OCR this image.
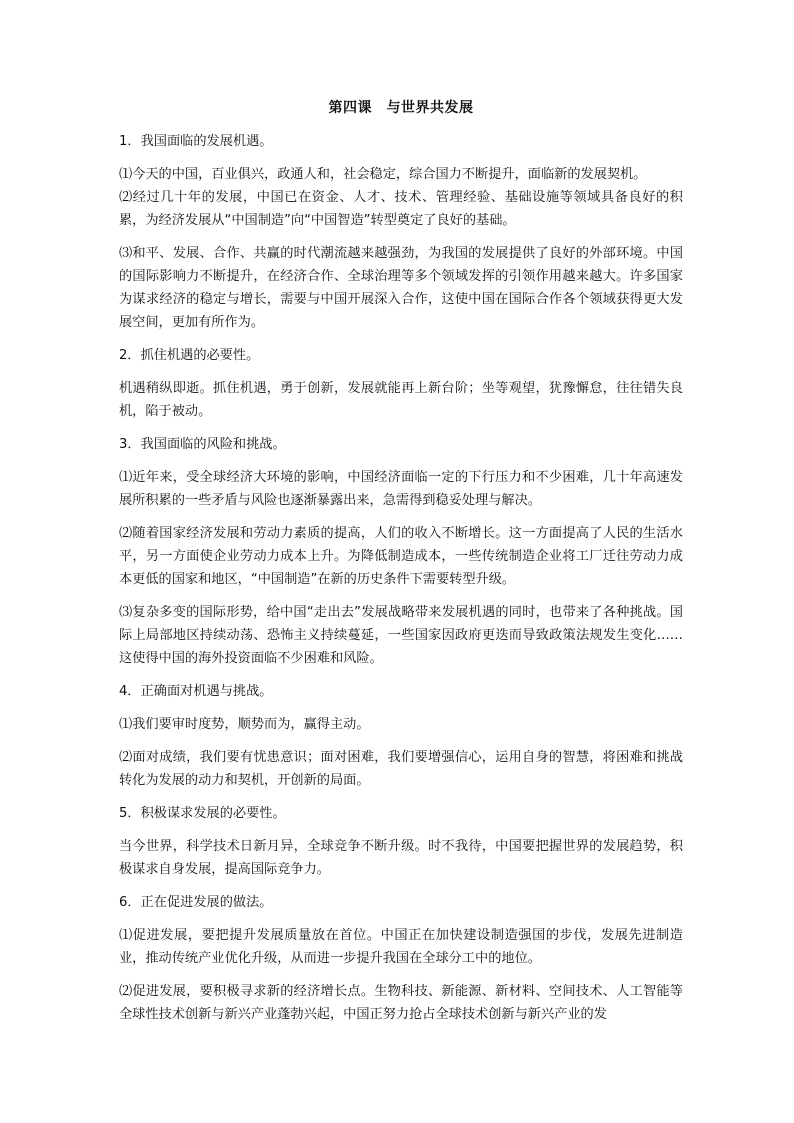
第四课　与世界共发展
1．我国面临的发展机遇。
⑴今天的中国，百业俱兴，政通人和，社会稳定，综合国力不断提升，面临新的发展契机。
⑵经过几十年的发展，中国已在资金、人才、技术、管理经验、基础设施等领域具备良好的积累，为经济发展从“中国制造”向“中国智造”转型奠定了良好的基础。
⑶和平、发展、合作、共赢的时代潮流越来越强劲，为我国的发展提供了良好的外部环境。中国的国际影响力不断提升，在经济合作、全球治理等多个领域发挥的引领作用越来越大。许多国家为谋求经济的稳定与增长，需要与中国开展深入合作，这使中国在国际合作各个领域获得更大发展空间，更加有所作为。
2．抓住机遇的必要性。
机遇稍纵即逝。抓住机遇，勇于创新，发展就能再上新台阶；坐等观望，犹豫懈怠，往往错失良机，陷于被动。
3．我国面临的风险和挑战。
⑴近年来，受全球经济大环境的影响，中国经济面临一定的下行压力和不少困难，几十年高速发展所积累的一些矛盾与风险也逐渐暴露出来，急需得到稳妥处理与解决。
⑵随着国家经济发展和劳动力素质的提高，人们的收入不断增长。这一方面提高了人民的生活水平，另一方面使企业劳动力成本上升。为降低制造成本，一些传统制造企业将工厂迁往劳动力成本更低的国家和地区，“中国制造”在新的历史条件下需要转型升级。
⑶复杂多变的国际形势，给中国“走出去”发展战略带来发展机遇的同时，也带来了各种挑战。国际上局部地区持续动荡、恐怖主义持续蔓延，一些国家因政府更迭而导致政策法规发生变化……这使得中国的海外投资面临不少困难和风险。
4．正确面对机遇与挑战。
⑴我们要审时度势，顺势而为，赢得主动。
⑵面对成绩，我们要有忧患意识；面对困难，我们要增强信心，运用自身的智慧，将困难和挑战转化为发展的动力和契机，开创新的局面。
5．积极谋求发展的必要性。
当今世界，科学技术日新月异，全球竞争不断升级。时不我待，中国要把握世界的发展趋势，积极谋求自身发展，提高国际竞争力。
6．正在促进发展的做法。
⑴促进发展，要把提升发展质量放在首位。中国正在加快建设制造强国的步伐，发展先进制造业，推动传统产业优化升级，从而进一步提升我国在全球分工中的地位。
⑵促进发展，要积极寻求新的经济增长点。生物科技、新能源、新材料、空间技术、人工智能等全球性技术创新与新兴产业蓬勃兴起，中国正努力抢占全球技术创新与新兴产业的发
